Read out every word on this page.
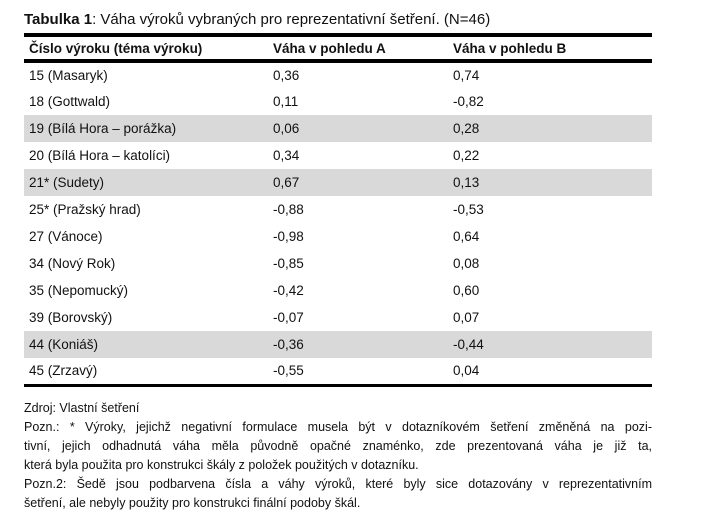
Tabulka 1: Váha výroků vybraných pro reprezentativní šetření. (N=46)
Číslo výroku (téma výroku)	Váha v pohledu A	Váha v pohledu B
15 (Masaryk)	0,36	0,74
18 (Gottwald)	0,11	-0,82
19 (Bílá Hora – porážka)	0,06	0,28
20 (Bílá Hora – katolíci)	0,34	0,22
21* (Sudety)	0,67	0,13
25* (Pražský hrad)	-0,88	-0,53
27 (Vánoce)	-0,98	0,64
34 (Nový Rok)	-0,85	0,08
35 (Nepomucký)	-0,42	0,60
39 (Borovský)	-0,07	0,07
44 (Koniáš)	-0,36	-0,44
45 (Zrzavý)	-0,55	0,04
Zdroj: Vlastní šetření
Pozn.: * Výroky, jejichž negativní formulace musela být v dotazníkovém šetření změněná na pozi-
tivní, jejich odhadnutá váha měla původně opačné znaménko, zde prezentovaná váha je již ta,
která byla použita pro konstrukci škály z položek použitých v dotazníku.
Pozn.2: Šedě jsou podbarvena čísla a váhy výroků, které byly sice dotazovány v reprezentativním
šetření, ale nebyly použity pro konstrukci finální podoby škál.
